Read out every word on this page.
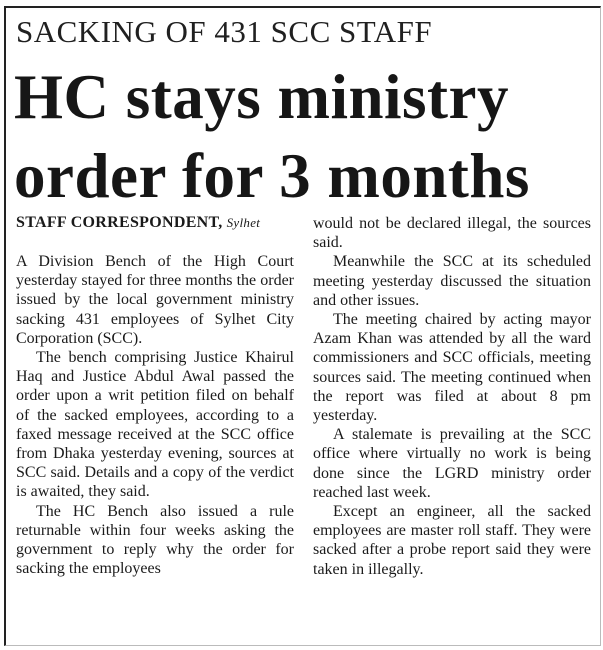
SACKING OF 431 SCC STAFF
HC stays ministry
order for 3 months
STAFF CORRESPONDENT, Sylhet

A Division Bench of the High Court yesterday stayed for three months the order issued by the local government ministry sacking 431 employees of Sylhet City Corporation (SCC).

The bench comprising Justice Khairul Haq and Justice Abdul Awal passed the order upon a writ petition filed on behalf of the sacked employees, according to a faxed message received at the SCC office from Dhaka yesterday evening, sources at SCC said. Details and a copy of the verdict is awaited, they said.

The HC Bench also issued a rule returnable within four weeks asking the government to reply why the order for sacking the employees

would not be declared illegal, the sources said.

Meanwhile the SCC at its scheduled meeting yesterday discussed the situation and other issues.

The meeting chaired by acting mayor Azam Khan was attended by all the ward commissioners and SCC officials, meeting sources said. The meeting continued when the report was filed at about 8 pm yesterday.

A stalemate is prevailing at the SCC office where virtually no work is being done since the LGRD ministry order reached last week.

Except an engineer, all the sacked employees are master roll staff. They were sacked after a probe report said they were taken in illegally.
